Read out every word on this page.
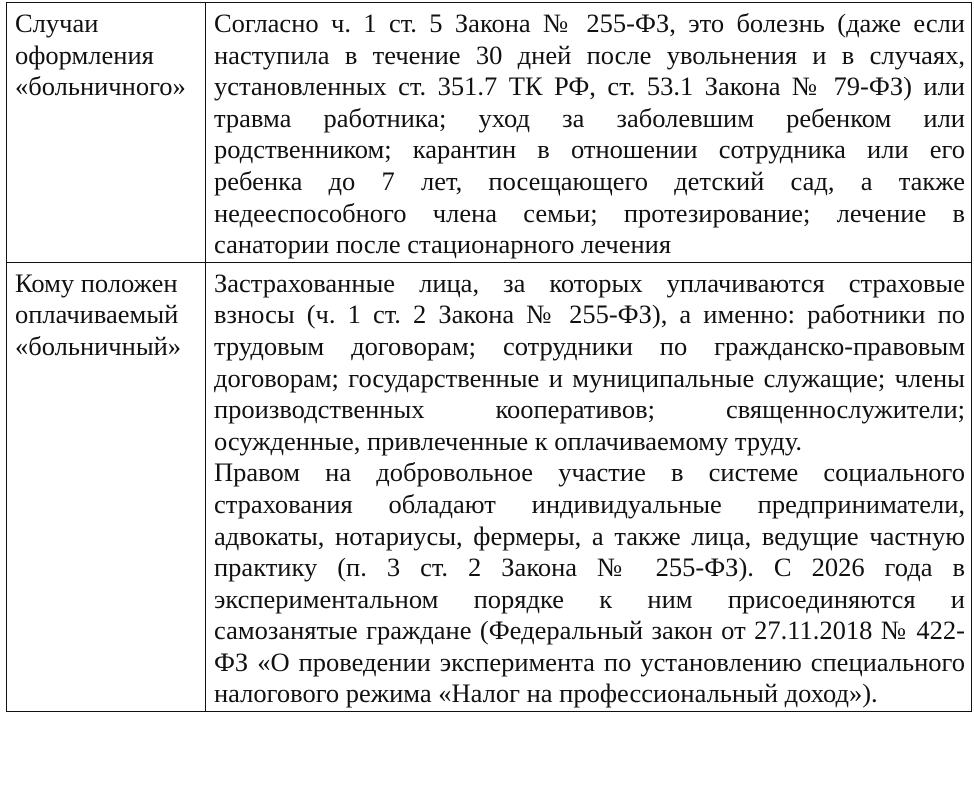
Случаи оформления «больничного»	Согласно ч. 1 ст. 5 Закона № 255-ФЗ, это болезнь (даже если наступила в течение 30 дней после увольнения и в случаях, установленных ст. 351.7 ТК РФ, ст. 53.1 Закона № 79-ФЗ) или травма работника; уход за заболевшим ребенком или родственником; карантин в отношении сотрудника или его ребенка до 7 лет, посещающего детский сад, а также недееспособного члена семьи; протезирование; лечение в санатории после стационарного лечения

Кому положен оплачиваемый «больничный»	Застрахованные лица, за которых уплачиваются страховые взносы (ч. 1 ст. 2 Закона № 255-ФЗ), а именно: работники по трудовым договорам; сотрудники по гражданско-правовым договорам; государственные и муниципальные служащие; члены производственных кооперативов; священнослужители; осужденные, привлеченные к оплачиваемому труду.
Правом на добровольное участие в системе социального страхования обладают индивидуальные предприниматели, адвокаты, нотариусы, фермеры, а также лица, ведущие частную практику (п. 3 ст. 2 Закона № 255-ФЗ). С 2026 года в экспериментальном порядке к ним присоединяются и самозанятые граждане (Федеральный закон от 27.11.2018 № 422-ФЗ «О проведении эксперимента по установлению специального налогового режима «Налог на профессиональный доход»).
